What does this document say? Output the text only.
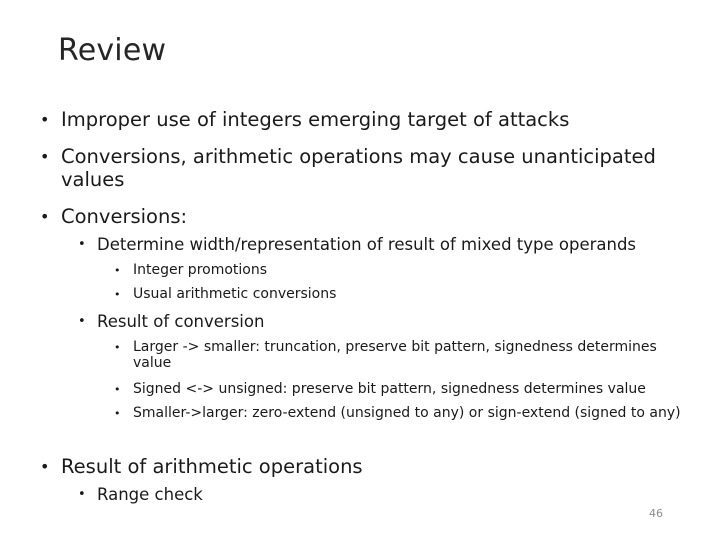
Review
• Improper use of integers emerging target of attacks
• Conversions, arithmetic operations may cause unanticipated values
• Conversions:
• Determine width/representation of result of mixed type operands
• Integer promotions
• Usual arithmetic conversions
• Result of conversion
• Larger -> smaller: truncation, preserve bit pattern, signedness determines value
• Signed <-> unsigned: preserve bit pattern, signedness determines value
• Smaller->larger: zero-extend (unsigned to any) or sign-extend (signed to any)
• Result of arithmetic operations
• Range check
46
